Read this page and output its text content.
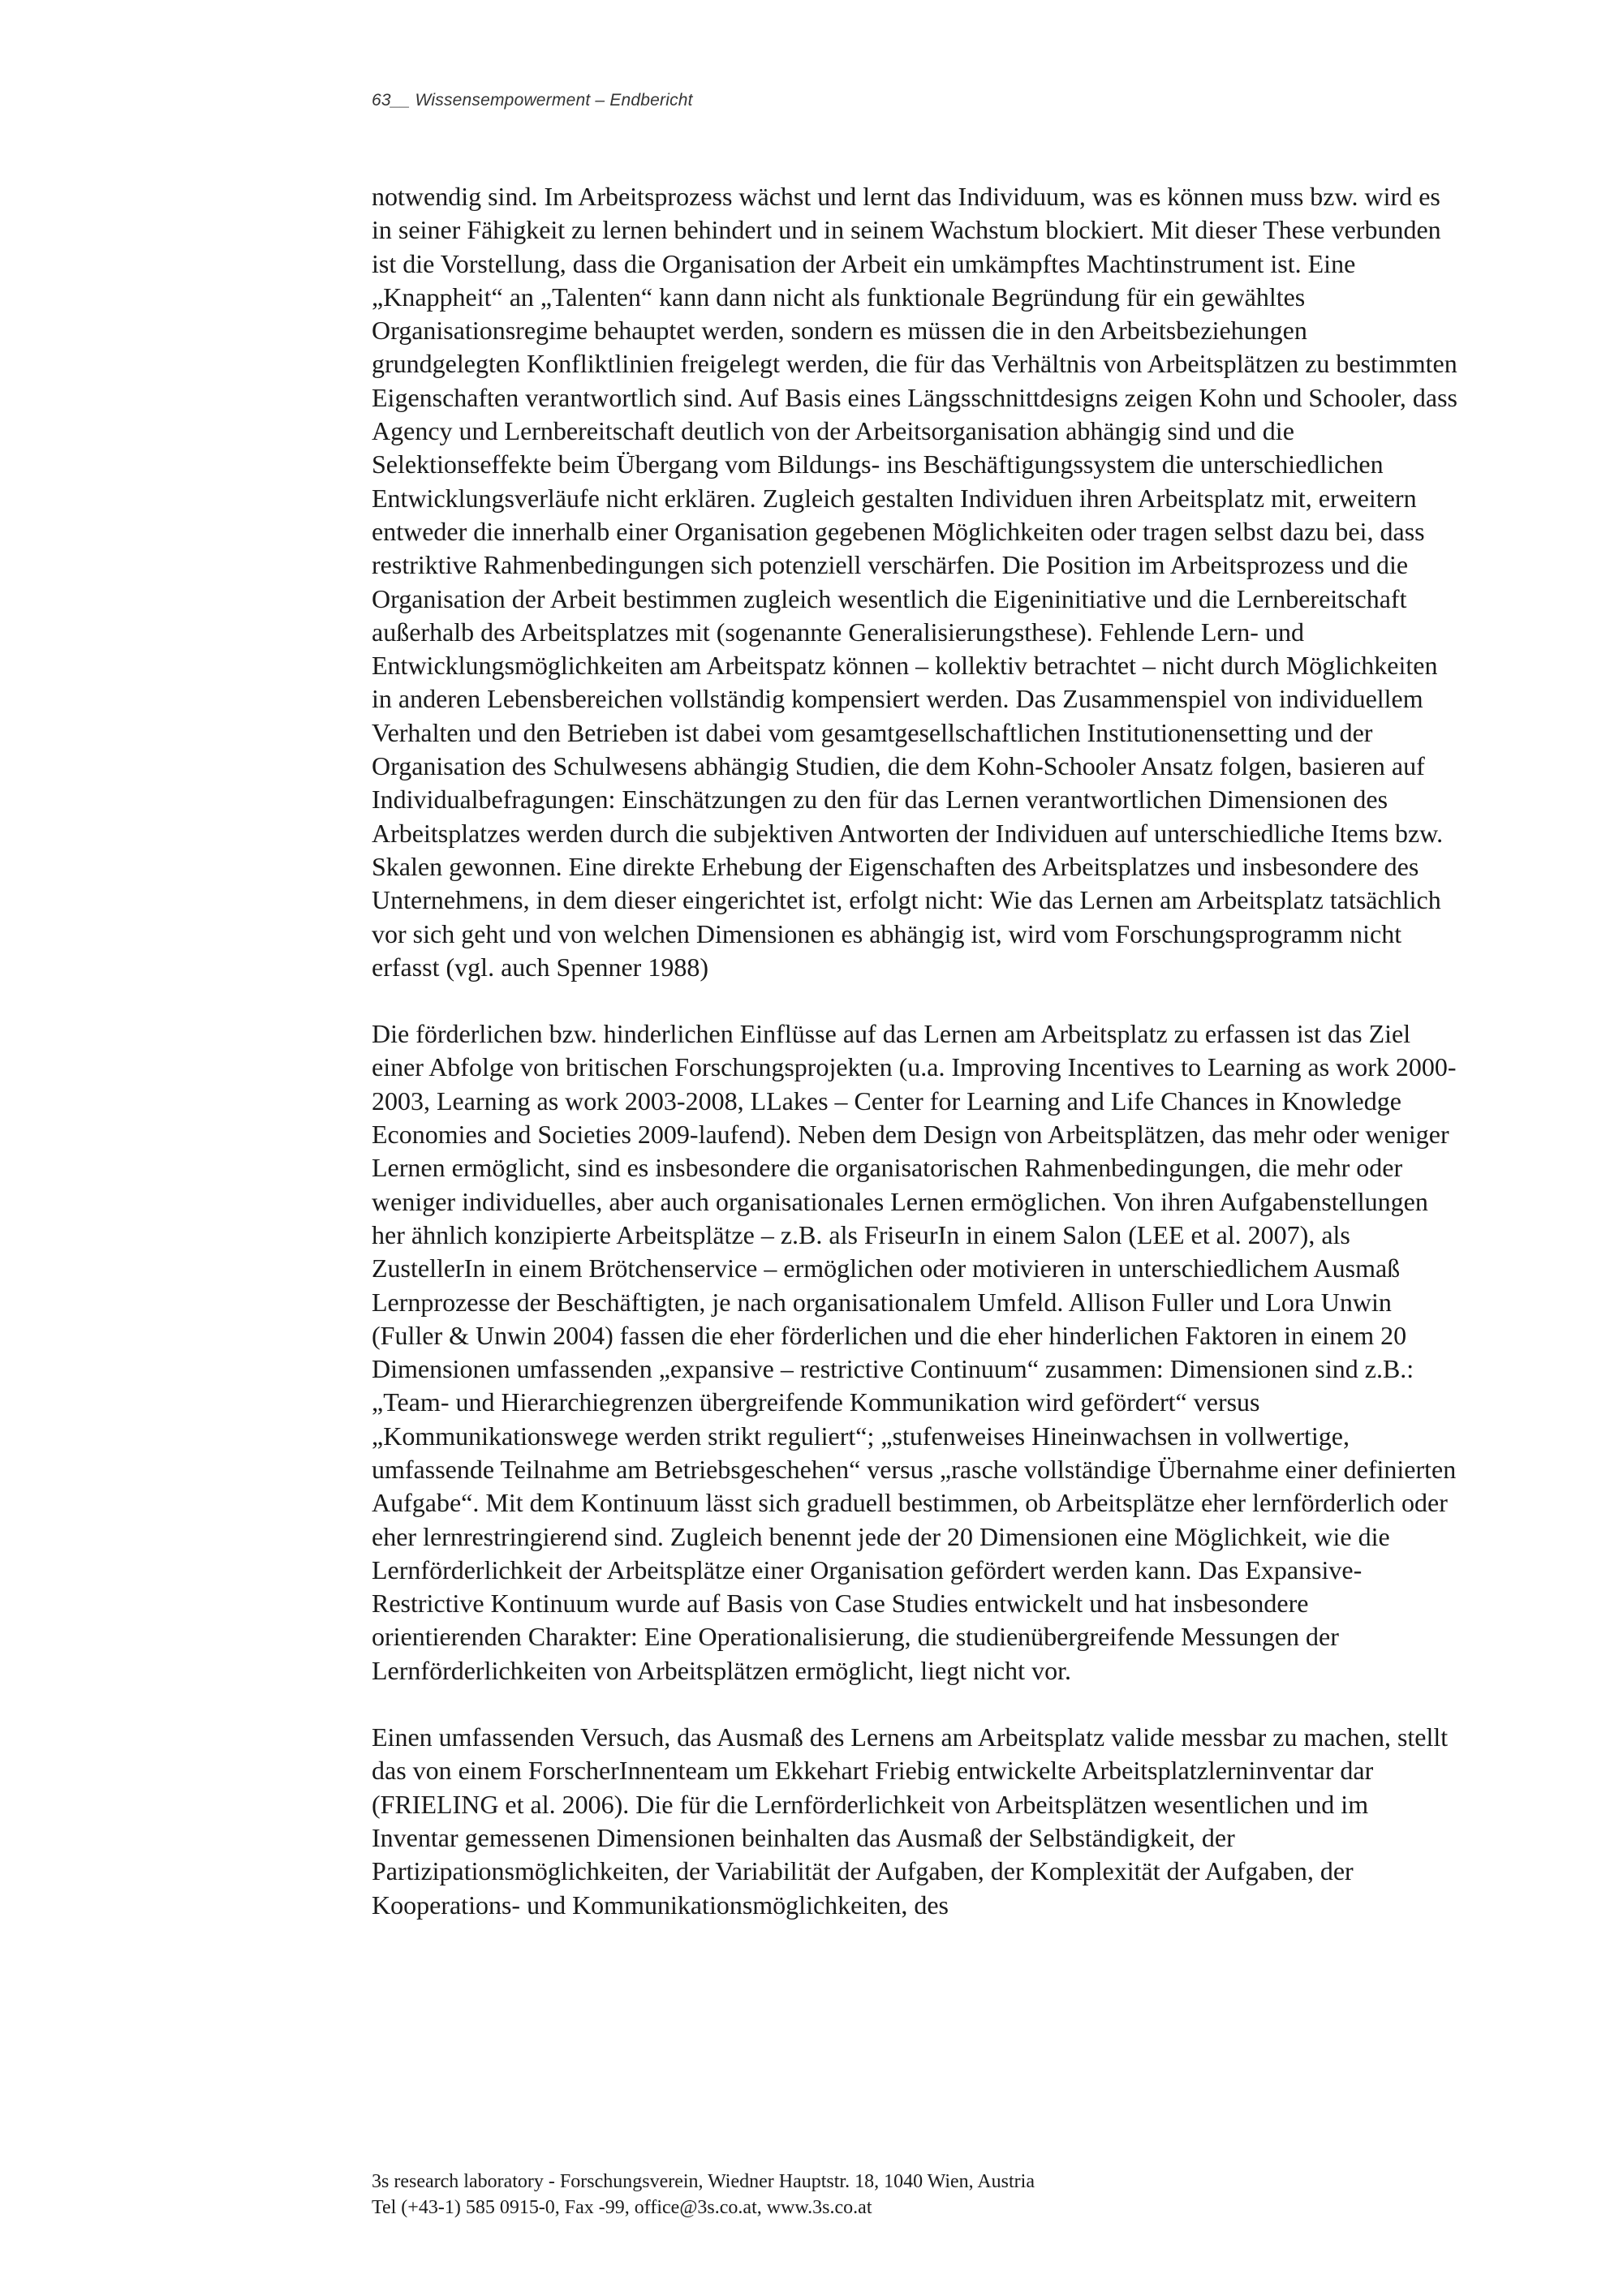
63__ Wissensempowerment – Endbericht

notwendig sind. Im Arbeitsprozess wächst und lernt das Individuum, was es können muss bzw. wird es in seiner Fähigkeit zu lernen behindert und in seinem Wachstum blockiert. Mit dieser These verbunden ist die Vorstellung, dass die Organisation der Arbeit ein umkämpftes Machtinstrument ist. Eine „Knappheit“ an „Talenten“ kann dann nicht als funktionale Begründung für ein gewähltes Organisationsregime behauptet werden, sondern es müssen die in den Arbeitsbeziehungen grundgelegten Konfliktlinien freigelegt werden, die für das Verhältnis von Arbeitsplätzen zu bestimmten Eigenschaften verantwortlich sind. Auf Basis eines Längsschnittdesigns zeigen Kohn und Schooler, dass Agency und Lernbereitschaft deutlich von der Arbeitsorganisation abhängig sind und die Selektionseffekte beim Übergang vom Bildungs- ins Beschäftigungssystem die unterschiedlichen Entwicklungsverläufe nicht erklären. Zugleich gestalten Individuen ihren Arbeitsplatz mit, erweitern entweder die innerhalb einer Organisation gegebenen Möglichkeiten oder tragen selbst dazu bei, dass restriktive Rahmenbedingungen sich potenziell verschärfen. Die Position im Arbeitsprozess und die Organisation der Arbeit bestimmen zugleich wesentlich die Eigeninitiative und die Lernbereitschaft außerhalb des Arbeitsplatzes mit (sogenannte Generalisierungsthese). Fehlende Lern- und Entwicklungsmöglichkeiten am Arbeitspatz können – kollektiv betrachtet – nicht durch Möglichkeiten in anderen Lebensbereichen vollständig kompensiert werden. Das Zusammenspiel von individuellem Verhalten und den Betrieben ist dabei vom gesamtgesellschaftlichen Institutionensetting und der Organisation des Schulwesens abhängig Studien, die dem Kohn-Schooler Ansatz folgen, basieren auf Individualbefragungen: Einschätzungen zu den für das Lernen verantwortlichen Dimensionen des Arbeitsplatzes werden durch die subjektiven Antworten der Individuen auf unterschiedliche Items bzw. Skalen gewonnen. Eine direkte Erhebung der Eigenschaften des Arbeitsplatzes und insbesondere des Unternehmens, in dem dieser eingerichtet ist, erfolgt nicht: Wie das Lernen am Arbeitsplatz tatsächlich vor sich geht und von welchen Dimensionen es abhängig ist, wird vom Forschungsprogramm nicht erfasst (vgl. auch Spenner 1988)

Die förderlichen bzw. hinderlichen Einflüsse auf das Lernen am Arbeitsplatz zu erfassen ist das Ziel einer Abfolge von britischen Forschungsprojekten (u.a. Improving Incentives to Learning as work 2000-2003, Learning as work 2003-2008, LLakes – Center for Learning and Life Chances in Knowledge Economies and Societies 2009-laufend). Neben dem Design von Arbeitsplätzen, das mehr oder weniger Lernen ermöglicht, sind es insbesondere die organisatorischen Rahmenbedingungen, die mehr oder weniger individuelles, aber auch organisationales Lernen ermöglichen. Von ihren Aufgabenstellungen her ähnlich konzipierte Arbeitsplätze – z.B. als FriseurIn in einem Salon (LEE et al. 2007), als ZustellerIn in einem Brötchenservice – ermöglichen oder motivieren in unterschiedlichem Ausmaß Lernprozesse der Beschäftigten, je nach organisationalem Umfeld. Allison Fuller und Lora Unwin (Fuller & Unwin 2004) fassen die eher förderlichen und die eher hinderlichen Faktoren in einem 20 Dimensionen umfassenden „expansive – restrictive Continuum“ zusammen: Dimensionen sind z.B.: „Team- und Hierarchiegrenzen übergreifende Kommunikation wird gefördert“ versus „Kommunikationswege werden strikt reguliert“; „stufenweises Hineinwachsen in vollwertige, umfassende Teilnahme am Betriebsgeschehen“ versus „rasche vollständige Übernahme einer definierten Aufgabe“. Mit dem Kontinuum lässt sich graduell bestimmen, ob Arbeitsplätze eher lernförderlich oder eher lernrestringierend sind. Zugleich benennt jede der 20 Dimensionen eine Möglichkeit, wie die Lernförderlichkeit der Arbeitsplätze einer Organisation gefördert werden kann. Das Expansive-Restrictive Kontinuum wurde auf Basis von Case Studies entwickelt und hat insbesondere orientierenden Charakter: Eine Operationalisierung, die studienübergreifende Messungen der Lernförderlichkeiten von Arbeitsplätzen ermöglicht, liegt nicht vor.

Einen umfassenden Versuch, das Ausmaß des Lernens am Arbeitsplatz valide messbar zu machen, stellt das von einem ForscherInnenteam um Ekkehart Friebig entwickelte Arbeitsplatzlerninventar dar (FRIELING et al. 2006). Die für die Lernförderlichkeit von Arbeitsplätzen wesentlichen und im Inventar gemessenen Dimensionen beinhalten das Ausmaß der Selbständigkeit, der Partizipationsmöglichkeiten, der Variabilität der Aufgaben, der Komplexität der Aufgaben, der Kooperations- und Kommunikationsmöglichkeiten, des

3s research laboratory - Forschungsverein, Wiedner Hauptstr. 18, 1040 Wien, Austria
Tel (+43-1) 585 0915-0, Fax -99, office@3s.co.at, www.3s.co.at
